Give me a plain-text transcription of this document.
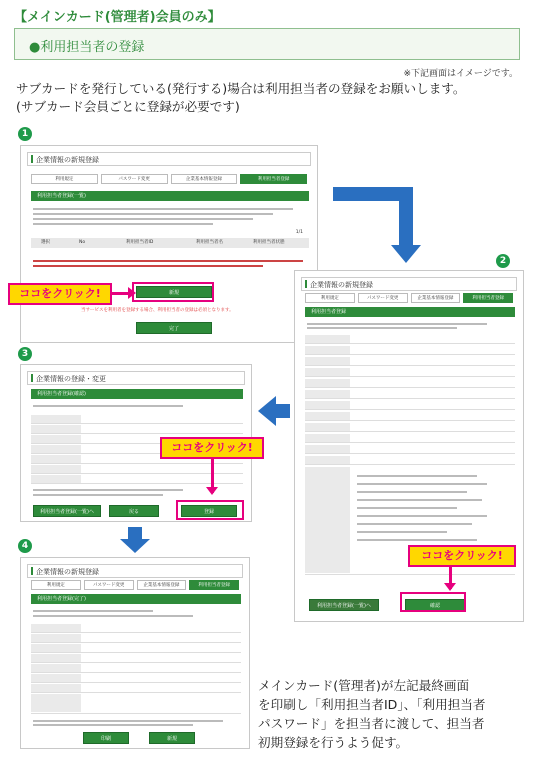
【メインカード(管理者)会員のみ】
●利用担当者の登録
※下記画面はイメージです。
サブカードを発行している(発行する)場合は利用担当者の登録をお願いします。
(サブカード会員ごとに登録が必要です)
1
企業情報の新規登録
利用規定	パスワード変更	企業基本情報登録	利用担当者登録
利用担当者登録(一覧)
1/1
選択	No	利用担当者ID	利用担当者名	利用担当者状態
新規
当サービスを利用者を登録する場合、利用担当者の登録は必須となります。
完了
ココをクリック!
2
企業情報の新規登録
利用規定	パスワード変更	企業基本情報登録	利用担当者登録
利用担当者登録
利用担当者登録(一覧)へ	確認
ココをクリック!
3
企業情報の登録・変更
利用担当者登録(確認)
利用担当者登録(一覧)へ	戻る	登録
ココをクリック!
4
企業情報の新規登録
利用規定	パスワード変更	企業基本情報登録	利用担当者登録
利用担当者登録(完了)
印刷	新規
メインカード(管理者)が左記最終画面
を印刷し「利用担当者ID」、「利用担当者
パスワード」を担当者に渡して、担当者
初期登録を行うよう促す。
